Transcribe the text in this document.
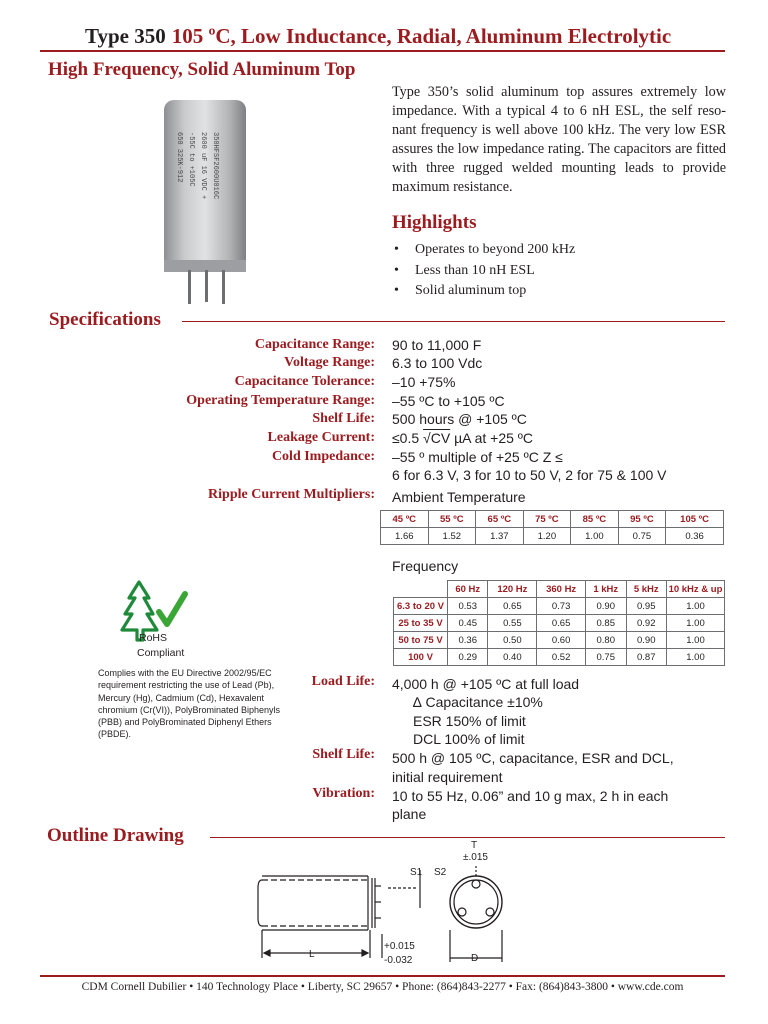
Type 350 105 ºC, Low Inductance, Radial, Aluminum Electrolytic
High Frequency, Solid Aluminum Top
650 325K-912 -55C to +105C 2600 uF 16 VDC + 350HFSF2600U016C

Type 350’s solid aluminum top assures extremely low impedance. With a typical 4 to 6 nH ESL, the self reso- nant frequency is well above 100 kHz. The very low ESR assures the low impedance rating. The capacitors are fitted with three rugged welded mounting leads to provide maximum resistance.

Highlights
• Operates to beyond 200 kHz
• Less than 10 nH ESL
• Solid aluminum top
Specifications
Capacitance Range: 90 to 11,000 F
Voltage Range: 6.3 to 100 Vdc
Capacitance Tolerance: –10 +75%
Operating Temperature Range: –55 ºC to +105 ºC
Shelf Life: 500 hours @ +105 ºC
Leakage Current: ≤0.5 √CV µA at +25 ºC
Cold Impedance: –55 º multiple of +25 ºC Z ≤
6 for 6.3 V, 3 for 10 to 50 V, 2 for 75 & 100 V
Ripple Current Multipliers: Ambient Temperature
45 ºC	55 ºC	65 ºC	75 ºC	85 ºC	95 ºC	105 ºC
1.66	1.52	1.37	1.20	1.00	0.75	0.36
Frequency
	60 Hz	120 Hz	360 Hz	1 kHz	5 kHz	10 kHz & up
6.3 to 20 V	0.53	0.65	0.73	0.90	0.95	1.00
25 to 35 V	0.45	0.55	0.65	0.85	0.92	1.00
50 to 75 V	0.36	0.50	0.60	0.80	0.90	1.00
100 V	0.29	0.40	0.52	0.75	0.87	1.00
RoHS
Compliant

Complies with the EU Directive 2002/95/EC requirement restricting the use of Lead (Pb), Mercury (Hg), Cadmium (Cd), Hexavalent chromium (Cr(VI)), PolyBrominated Biphenyls (PBB) and PolyBrominated Diphenyl Ethers (PBDE).

Load Life: 4,000 h @ +105 ºC at full load
∆ Capacitance ±10%
ESR 150% of limit
DCL 100% of limit
Shelf Life: 500 h @ 105 ºC, capacitance, ESR and DCL,
initial requirement
Vibration: 10 to 55 Hz, 0.06” and 10 g max, 2 h in each
plane
Outline Drawing	T
±.015
S1 S2
L	D
+0.015
-0.032
CDM Cornell Dubilier • 140 Technology Place • Liberty, SC 29657 • Phone: (864)843-2277 • Fax: (864)843-3800 • www.cde.com
